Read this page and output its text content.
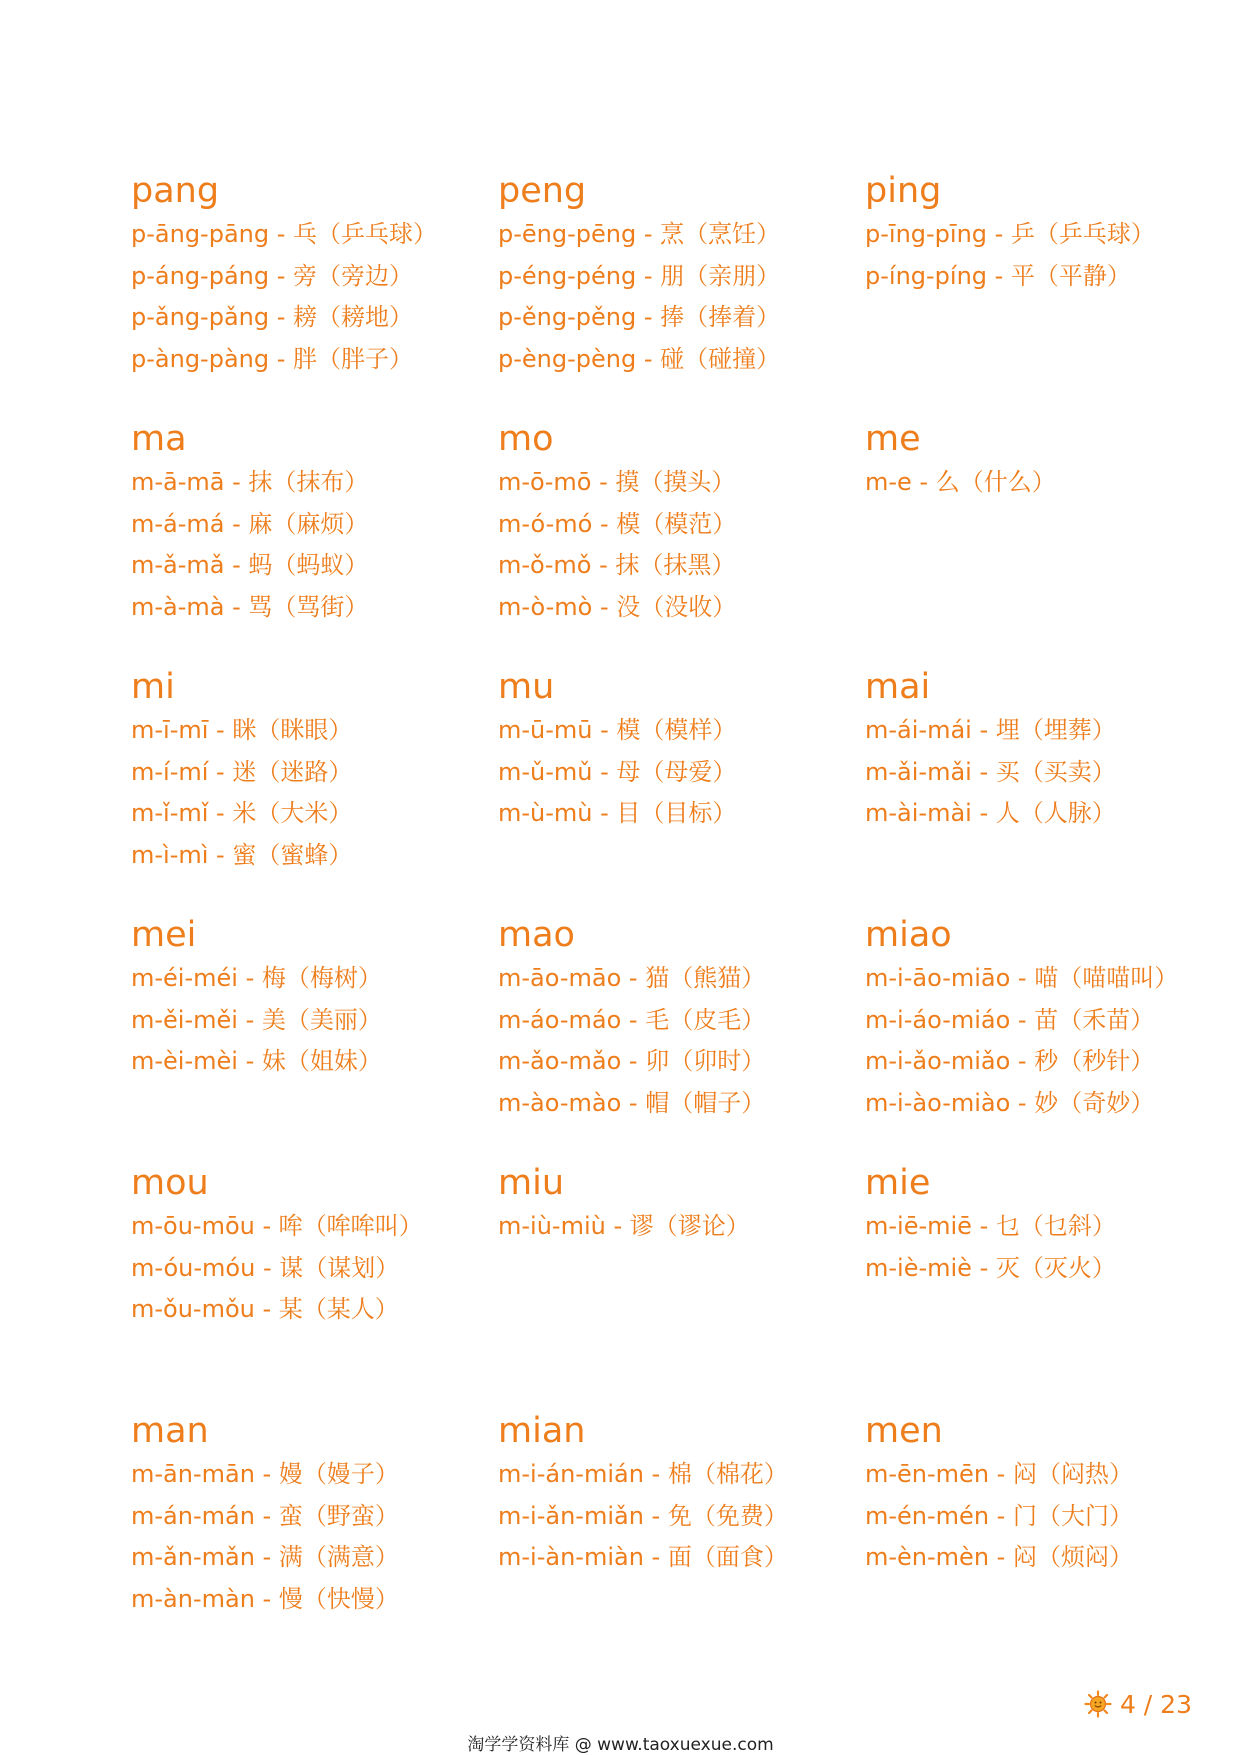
pang
p-āng-pāng - 乓（乒乓球）
p-áng-páng - 旁（旁边）
p-ǎng-pǎng - 耪（耪地）
p-àng-pàng - 胖（胖子）
peng
p-ēng-pēng - 烹（烹饪）
p-éng-péng - 朋（亲朋）
p-ěng-pěng - 捧（捧着）
p-èng-pèng - 碰（碰撞）
ping
p-īng-pīng - 乒（乒乓球）
p-íng-píng - 平（平静）
ma
m-ā-mā - 抹（抹布）
m-á-má - 麻（麻烦）
m-ǎ-mǎ - 蚂（蚂蚁）
m-à-mà - 骂（骂街）
mo
m-ō-mō - 摸（摸头）
m-ó-mó - 模（模范）
m-ǒ-mǒ - 抹（抹黑）
m-ò-mò - 没（没收）
me
m-e - 么（什么）
mi
m-ī-mī - 眯（眯眼）
m-í-mí - 迷（迷路）
m-ǐ-mǐ - 米（大米）
m-ì-mì - 蜜（蜜蜂）
mu
m-ū-mū - 模（模样）
m-ǔ-mǔ - 母（母爱）
m-ù-mù - 目（目标）
mai
m-ái-mái - 埋（埋葬）
m-ǎi-mǎi - 买（买卖）
m-ài-mài - 人（人脉）
mei
m-éi-méi - 梅（梅树）
m-ěi-měi - 美（美丽）
m-èi-mèi - 妹（姐妹）
mao
m-āo-māo - 猫（熊猫）
m-áo-máo - 毛（皮毛）
m-ǎo-mǎo - 卯（卯时）
m-ào-mào - 帽（帽子）
miao
m-i-āo-miāo - 喵（喵喵叫）
m-i-áo-miáo - 苗（禾苗）
m-i-ǎo-miǎo - 秒（秒针）
m-i-ào-miào - 妙（奇妙）
mou
m-ōu-mōu - 哞（哞哞叫）
m-óu-móu - 谋（谋划）
m-ǒu-mǒu - 某（某人）
miu
m-iù-miù - 谬（谬论）
mie
m-iē-miē - 乜（乜斜）
m-iè-miè - 灭（灭火）
man
m-ān-mān - 嫚（嫚子）
m-án-mán - 蛮（野蛮）
m-ǎn-mǎn - 满（满意）
m-àn-màn - 慢（快慢）
mian
m-i-án-mián - 棉（棉花）
m-i-ǎn-miǎn - 免（免费）
m-i-àn-miàn - 面（面食）
men
m-ēn-mēn - 闷（闷热）
m-én-mén - 门（大门）
m-èn-mèn - 闷（烦闷）
4 / 23
淘学学资料库 @ www.taoxuexue.com
